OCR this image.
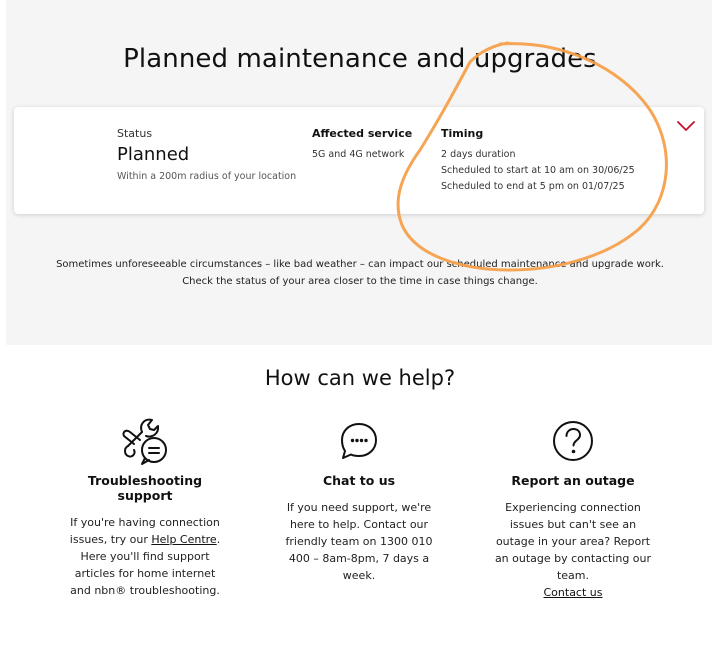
Planned maintenance and upgrades
Status
Planned
Within a 200m radius of your location
Affected service
5G and 4G network
Timing
2 days duration
Scheduled to start at 10 am on 30/06/25
Scheduled to end at 5 pm on 01/07/25

Sometimes unforeseeable circumstances – like bad weather – can impact our scheduled maintenance and upgrade work.

Check the status of your area closer to the time in case things change.

How can we help?
Troubleshooting support
If you're having connection
issues, try our Help Centre.
Here you'll find support
articles for home internet
and nbn® troubleshooting.
Chat to us
If you need support, we're
here to help. Contact our
friendly team on 1300 010
400 – 8am-8pm, 7 days a
week.
Report an outage
Experiencing connection
issues but can't see an
outage in your area? Report
an outage by contacting our
team.
Contact us
